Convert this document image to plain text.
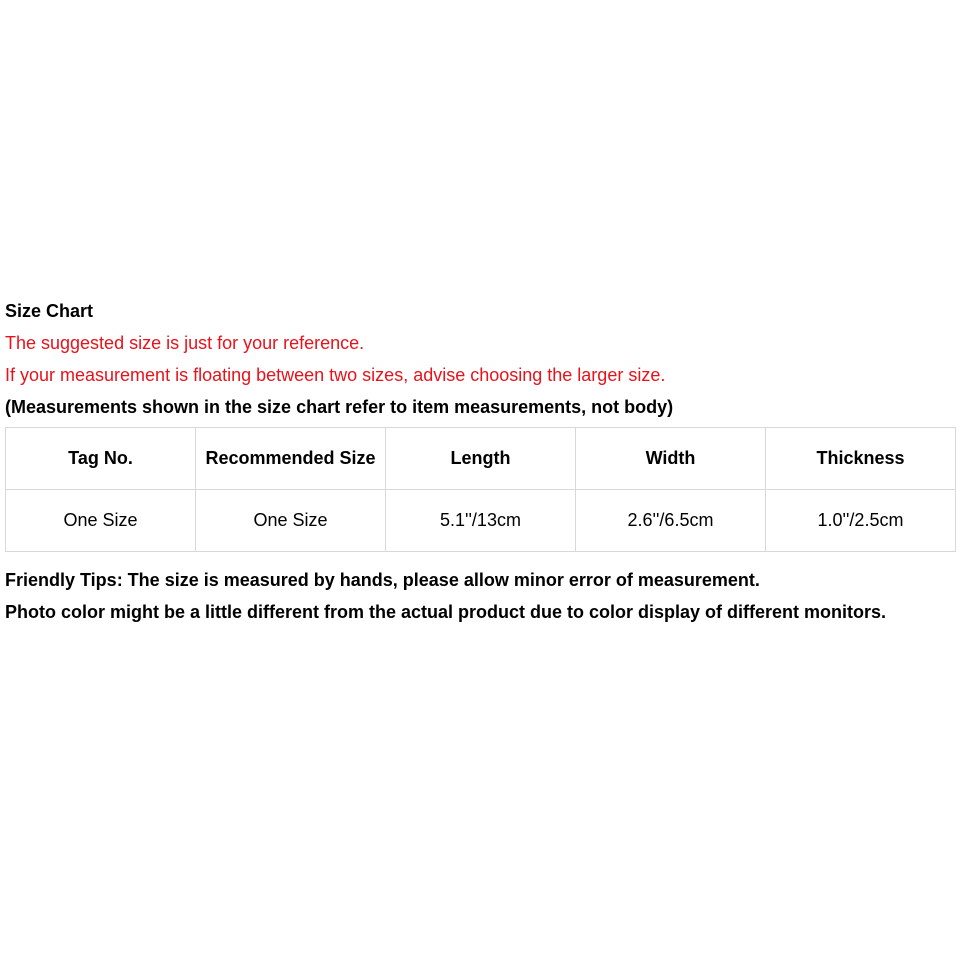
Size Chart
The suggested size is just for your reference.
If your measurement is floating between two sizes, advise choosing the larger size.
(Measurements shown in the size chart refer to item measurements, not body)
Tag No.	Recommended Size	Length	Width	Thickness
One Size	One Size	5.1''/13cm	2.6''/6.5cm	1.0''/2.5cm
Friendly Tips: The size is measured by hands, please allow minor error of measurement.
Photo color might be a little different from the actual product due to color display of different monitors.
